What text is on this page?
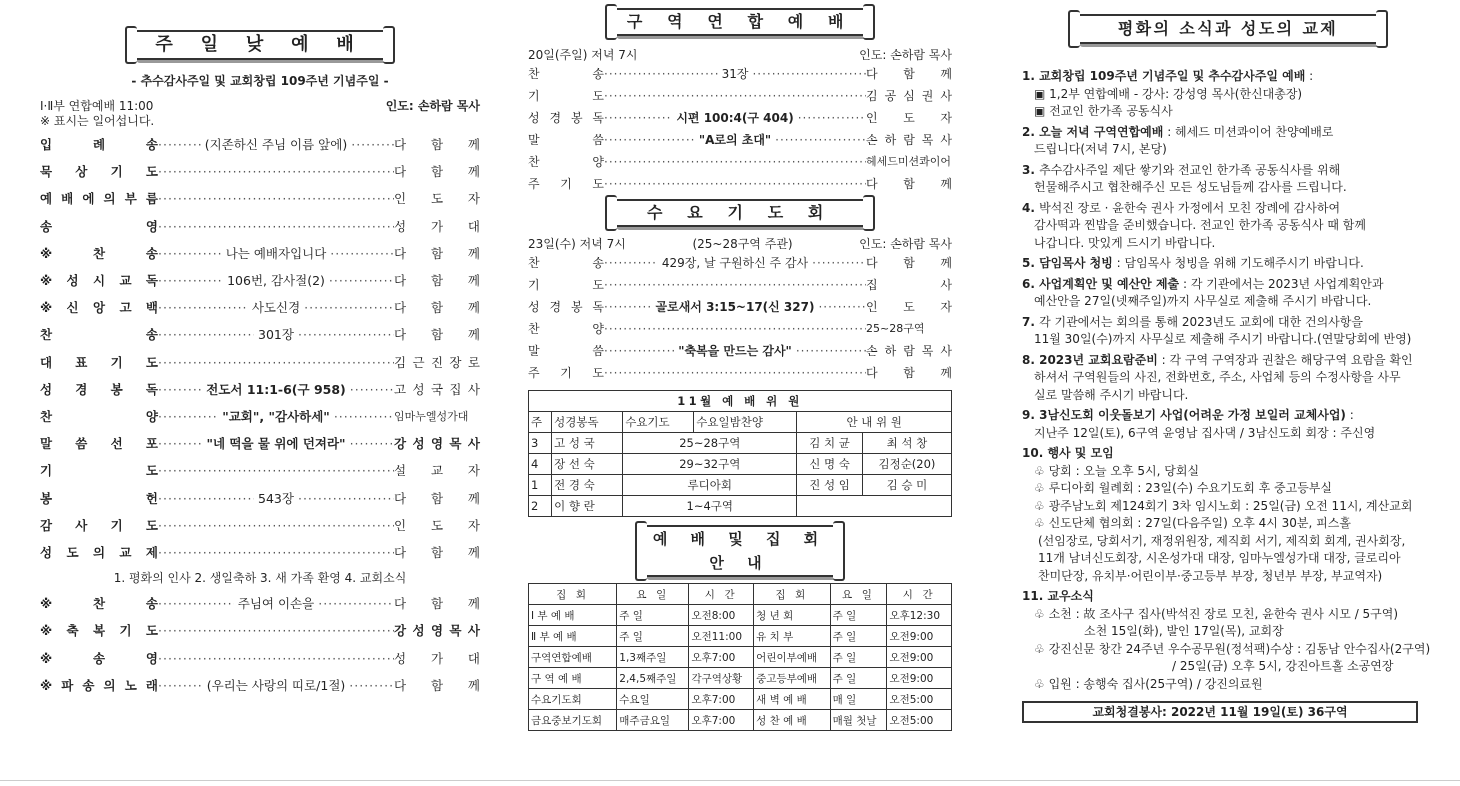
주 일 낮 예 배
- 추수감사주일 및 교회창립 109주년 기념주일 -
Ⅰ·Ⅱ부 연합예배 11:00	인도: 손하람 목사
※ 표시는 일어섭니다.
입	례	송 ·····	(지존하신 주님 이름 앞에) ·····	다 함 께
묵 상 기 도 ·····	다 함 께
예 배 에 의 부 름 ·····	인 도 자
송	영 ·····	성 가 대
※	찬	송 ·····	나는 예배자입니다 ·····	다 함 께
※ 성 시 교 독 ·····	106번, 감사절(2) ·····	다 함 께
※ 신 앙 고 백 ·····	사도신경 ·····	다 함 께
찬	송 ·····	301장 ·····	다 함 께
대 표 기 도 ·····	김 근 진 장 로
성 경 봉 독 ·····	전도서 11:1-6(구 958) ·····	고 성 국 집 사
찬	양 ·····	"교회", "감사하세" ·····	임마누엘성가대
말 씀 선 포 ·····	"네 떡을 물 위에 던져라" ·····	강 성 영 목 사
기	도 ·····	설 교 자
봉	헌 ·····	543장 ·····	다 함 께
감 사 기 도 ·····	인 도 자
성 도 의 교 제 ·····	다 함 께
1. 평화의 인사 2. 생일축하 3. 새 가족 환영 4. 교회소식
※	찬	송 ·····	주님여 이손을 ·····	다 함 께
※ 축 복 기 도 ·····	강 성 영 목 사
※	송	영 ·····	성 가 대
※ 파 송 의 노 래 ·····	(우리는 사랑의 띠로/1절) ·····	다 함 께
구 역 연 합 예 배
20일(주일) 저녁 7시	인도: 손하람 목사
찬	송 ·····	31장 ·····	다 함 께
기	도 ·····	김 공 심 권 사
성 경 봉 독 ·····	시편 100:4(구 404) ·····	인 도 자
말	씀 ·····	"A로의 초대" ·····	손 하 람 목 사
찬	양 ·····	헤세드미션콰이어
주 기 도 ·····	다 함 께
수 요 기 도 회
23일(수) 저녁 7시	(25~28구역 주관)	인도: 손하람 목사
찬	송 ·····	429장, 날 구원하신 주 감사 ·····	다 함 께
기	도 ·····	집	사
성 경 봉 독 ·····	골로새서 3:15~17(신 327) ·····	인 도 자
찬	양 ·····	25~28구역
말	씀 ·····	"축복을 만드는 감사" ·····	손 하 람 목 사
주 기 도 ·····	다 함 께
11월 예 배 위 원					
주	성경봉독	수요기도	수요일밤찬양	안 내 위 원	
3	고 성 국	25~28구역		김 치 균	최 석 창
4	장 선 숙	29~32구역		신 명 숙	김정순(20)
1	전 경 숙	루디아회		진 성 임	김 승 미
2	이 향 란	1~4구역			
예 배 및 집 회 안 내
집 회	요 일	시 간	집 회	요 일	시 간
Ⅰ 부 예 배	주 일	오전8:00	청 년 회	주 일	오후12:30
Ⅱ 부 예 배	주 일	오전11:00	유 치 부	주 일	오전9:00
구역연합예배	1,3째주일	오후7:00	어린이부예배	주 일	오전9:00
구 역 예 배	2,4,5째주일	각구역상황	중고등부예배	주 일	오전9:00
수요기도회	수요일	오후7:00	새 벽 예 배	매 일	오전5:00
금요중보기도회	매주금요일	오후7:00	성 찬 예 배	매월 첫날	오전5:00
평화의 소식과 성도의 교제
1. 교회창립 109주년 기념주일 및 추수감사주일 예배 :
▣ 1,2부 연합예배 - 강사: 강성영 목사(한신대총장)
▣ 전교인 한가족 공동식사
2. 오늘 저녁 구역연합예배 : 헤세드 미션콰이어 찬양예배로
드립니다(저녁 7시, 본당)
3. 추수감사주일 제단 쌓기와 전교인 한가족 공동식사를 위해
헌물해주시고 협찬해주신 모든 성도님들께 감사를 드립니다.
4. 박석진 장로 · 윤한숙 권사 가정에서 모친 장례에 감사하여
감사떡과 찐밥을 준비했습니다. 전교인 한가족 공동식사 때 함께
나갑니다. 맛있게 드시기 바랍니다.
5. 담임목사 청빙 : 담임목사 청빙을 위해 기도해주시기 바랍니다.
6. 사업계획안 및 예산안 제출 : 각 기관에서는 2023년 사업계획안과
예산안을 27일(넷째주일)까지 사무실로 제출해 주시기 바랍니다.
7. 각 기관에서는 회의를 통해 2023년도 교회에 대한 건의사항을
11월 30일(수)까지 사무실로 제출해 주시기 바랍니다.(연말당회에 반영)
8. 2023년 교회요람준비 : 각 구역 구역장과 권찰은 해당구역 요람을 확인
하셔서 구역원들의 사진, 전화번호, 주소, 사업체 등의 수정사항을 사무
실로 말씀해 주시기 바랍니다.
9. 3남신도회 이웃돌보기 사업(어려운 가정 보일러 교체사업) :
지난주 12일(토), 6구역 윤영남 집사댁 / 3남신도회 회장 : 주신영
10. 행사 및 모임
♧ 당회 : 오늘 오후 5시, 당회실
♧ 루디아회 월례회 : 23일(수) 수요기도회 후 중고등부실
♧ 광주남노회 제124회기 3차 임시노회 : 25일(금) 오전 11시, 계산교회
♧ 신도단체 협의회 : 27일(다음주일) 오후 4시 30분, 피스홀
(선임장로, 당회서기, 재정위원장, 제직회 서기, 제직회 회계, 권사회장,
11개 남녀신도회장, 시온성가대 대장, 임마누엘성가대 대장, 글로리아
찬미단장, 유치부·어린이부·중고등부 부장, 청년부 부장, 부교역자)
11. 교우소식
♧ 소천 : 故 조사구 집사(박석진 장로 모친, 윤한숙 권사 시모 / 5구역)
소천 15일(화), 발인 17일(목), 교회장
♧ 강진신문 창간 24주년 우수공무원(정석팩)수상 : 김동남 안수집사(2구역)
/ 25일(금) 오후 5시, 강진아트홀 소공연장
♧ 입원 : 송행숙 집사(25구역) / 강진의료원
교회청결봉사: 2022년 11월 19일(토) 36구역
